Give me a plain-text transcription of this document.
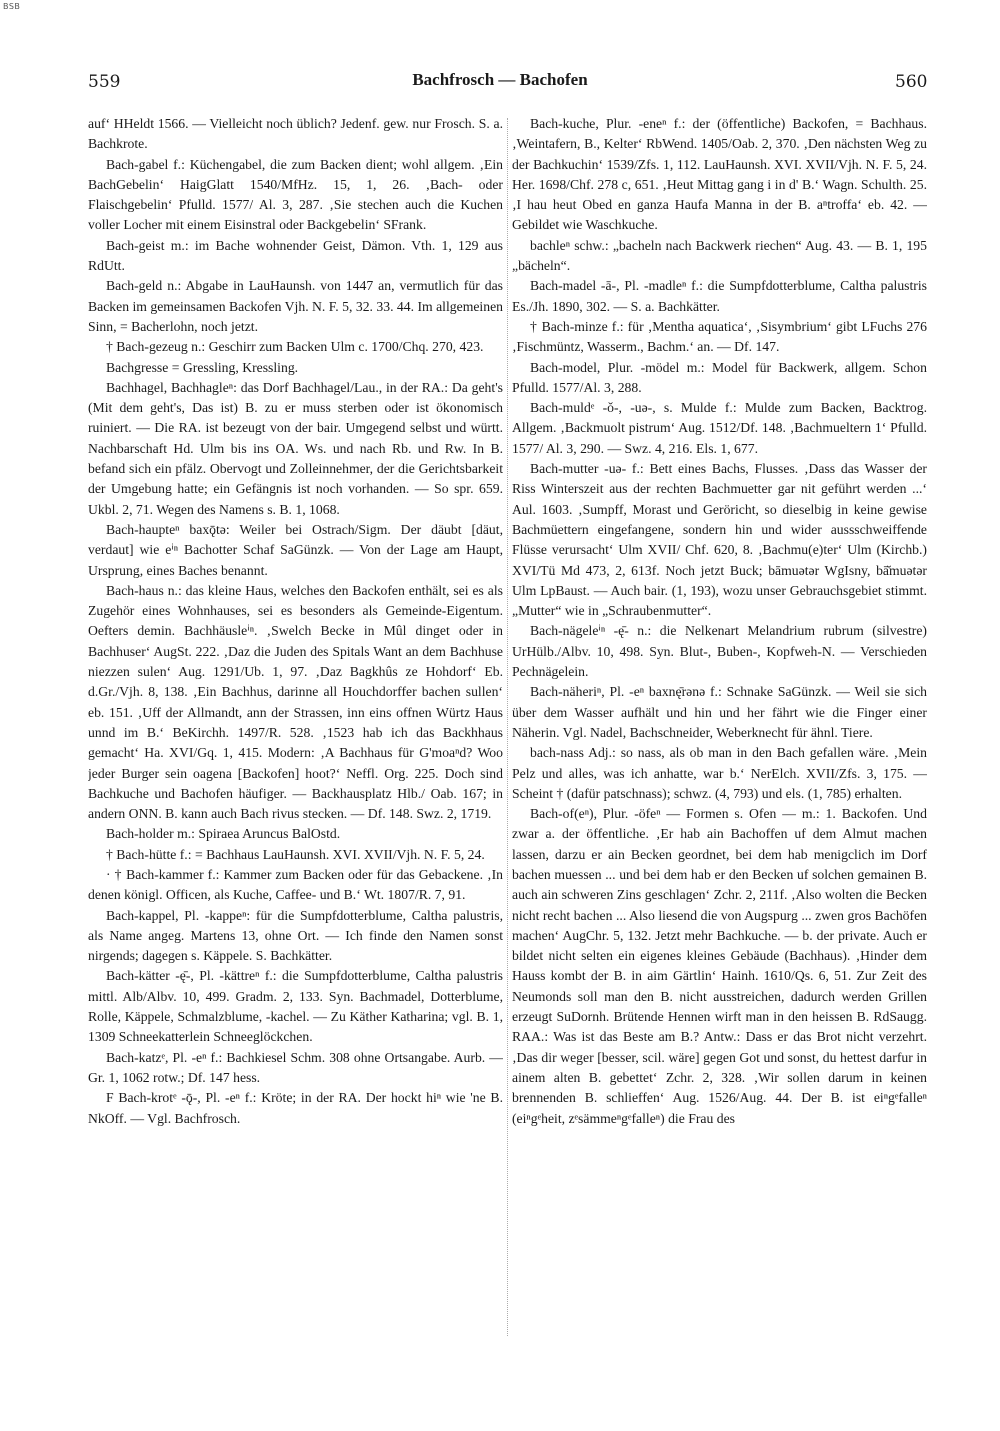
BSB
559	Bachfrosch — Bachofen	560

auf‘ HHeldt 1566. — Vielleicht noch üblich? Jedenf. gew. nur Frosch. S. a. Bachkrote.

Bach-gabel f.: Küchengabel, die zum Backen dient; wohl allgem. ‚Ein BachGebelin‘ HaigGlatt 1540/MfHz. 15, 1, 26. ‚Bach- oder Flaischgebelin‘ Pfulld. 1577/ Al. 3, 287. ‚Sie stechen auch die Kuchen voller Locher mit einem Eisinstral oder Backgebelin‘ SFrank.

Bach-geist m.: im Bache wohnender Geist, Dämon. Vth. 1, 129 aus RdUtt.

Bach-geld n.: Abgabe in LauHaunsh. von 1447 an, vermutlich für das Backen im gemeinsamen Backofen Vjh. N. F. 5, 32. 33. 44. Im allgemeinen Sinn, = Bacherlohn, noch jetzt.

† Bach-gezeug n.: Geschirr zum Backen Ulm c. 1700/Chq. 270, 423.

Bachgresse = Gressling, Kressling.

Bachhagel, Bachhagleⁿ: das Dorf Bachhagel/Lau., in der RA.: Da geht's (Mit dem geht's, Das ist) B. zu er muss sterben oder ist ökonomisch ruiniert. — Die RA. ist bezeugt von der bair. Umgegend selbst und württ. Nachbarschaft Hd. Ulm bis ins OA. Ws. und nach Rb. und Rw. In B. befand sich ein pfälz. Obervogt und Zolleinnehmer, der die Gerichtsbarkeit der Umgebung hatte; ein Gefängnis ist noch vorhanden. — So spr. 659. Ukbl. 2, 71. Wegen des Namens s. B. 1, 1068.

Bach-haupteⁿ baxǭtə: Weiler bei Ostrach/Sigm. Der däubt [däut, verdaut] wie eⁱⁿ Bachotter Schaf SaGünzk. — Von der Lage am Haupt, Ursprung, eines Baches benannt.

Bach-haus n.: das kleine Haus, welches den Backofen enthält, sei es als Zugehör eines Wohnhauses, sei es besonders als Gemeinde-Eigentum. Oefters demin. Bachhäusleⁱⁿ. ‚Swelch Becke in Mûl dinget oder in Bachhuser‘ AugSt. 222. ‚Daz die Juden des Spitals Want an dem Bachhuse niezzen sulen‘ Aug. 1291/Ub. 1, 97. ‚Daz Bagkhûs ze Hohdorf‘ Eb. d.Gr./Vjh. 8, 138. ‚Ein Bachhus, darinne all Houchdorffer bachen sullen‘ eb. 151. ‚Uff der Allmandt, ann der Strassen, inn eins offnen Würtz Haus unnd im B.‘ BeKirchh. 1497/R. 528. ‚1523 hab ich das Backhhaus gemacht‘ Ha. XVI/Gq. 1, 415. Modern: ‚A Bachhaus für G'moaⁿd? Woo jeder Burger sein oagena [Backofen] hoot?‘ Neffl. Org. 225. Doch sind Bachkuche und Bachofen häufiger. — Backhausplatz Hlb./ Oab. 167; in andern ONN. B. kann auch Bach rivus stecken. — Df. 148. Swz. 2, 1719.

Bach-holder m.: Spiraea Aruncus BalOstd.

† Bach-hütte f.: = Bachhaus LauHaunsh. XVI. XVII/Vjh. N. F. 5, 24.

· † Bach-kammer f.: Kammer zum Backen oder für das Gebackene. ‚In denen königl. Officen, als Kuche, Caffee- und B.‘ Wt. 1807/R. 7, 91.

Bach-kappel, Pl. -kappeⁿ: für die Sumpfdotterblume, Caltha palustris, als Name angeg. Martens 13, ohne Ort. — Ich finde den Namen sonst nirgends; dagegen s. Käppele. S. Bachkätter.

Bach-kätter -ę̄-, Pl. -kättreⁿ f.: die Sumpfdotterblume, Caltha palustris mittl. Alb/Albv. 10, 499. Gradm. 2, 133. Syn. Bachmadel, Dotterblume, Rolle, Käppele, Schmalzblume, -kachel. — Zu Käther Katharina; vgl. B. 1, 1309 Schneekatterlein Schneeglöckchen.

Bach-katzᵉ, Pl. -eⁿ f.: Bachkiesel Schm. 308 ohne Ortsangabe. Aurb. — Gr. 1, 1062 rotw.; Df. 147 hess.

F Bach-krotᵉ -ǭ-, Pl. -eⁿ f.: Kröte; in der RA. Der hockt hiⁿ wie 'ne B. NkOff. — Vgl. Bachfrosch.

Bach-kuche, Plur. -eneⁿ f.: der (öffentliche) Backofen, = Bachhaus. ‚Weintafern, B., Kelter‘ RbWend. 1405/Oab. 2, 370. ‚Den nächsten Weg zu der Bachkuchin‘ 1539/Zfs. 1, 112. LauHaunsh. XVI. XVII/Vjh. N. F. 5, 24. Her. 1698/Chf. 278 c, 651. ‚Heut Mittag gang i in d' B.‘ Wagn. Schulth. 25. ‚I hau heut Obed en ganza Haufa Manna in der B. aⁿtroffa‘ eb. 42. — Gebildet wie Waschkuche.

bachleⁿ schw.: „bacheln nach Backwerk riechen“ Aug. 43. — B. 1, 195 „bächeln“.

Bach-madel -ā-, Pl. -madleⁿ f.: die Sumpfdotterblume, Caltha palustris Es./Jh. 1890, 302. — S. a. Bachkätter.

† Bach-minze f.: für ‚Mentha aquatica‘, ‚Sisymbrium‘ gibt LFuchs 276 ‚Fischmüntz, Wasserm., Bachm.‘ an. — Df. 147.

Bach-model, Plur. -mödel m.: Model für Backwerk, allgem. Schon Pfulld. 1577/Al. 3, 288.

Bach-muldᵉ -ǒ-, -uə-, s. Mulde f.: Mulde zum Backen, Backtrog. Allgem. ‚Backmuolt pistrum‘ Aug. 1512/Df. 148. ‚Bachmueltern 1‘ Pfulld. 1577/ Al. 3, 290. — Swz. 4, 216. Els. 1, 677.

Bach-mutter -uə- f.: Bett eines Bachs, Flusses. ‚Dass das Wasser der Riss Winterszeit aus der rechten Bachmuetter gar nit geführt werden ...‘ Aul. 1603. ‚Sumpff, Morast und Geröricht, so dieselbig in keine gewise Bachmüettern eingefangene, sondern hin und wider aussschweiffende Flüsse verursacht‘ Ulm XVII/ Chf. 620, 8. ‚Bachmu(e)ter‘ Ulm (Kirchb.) XVI/Tü Md 473, 2, 613f. Noch jetzt Buck; bāmuətər WgIsny, bā̆muətər Ulm LpBaust. — Auch bair. (1, 193), wozu unser Gebrauchsgebiet stimmt. „Mutter“ wie in „Schraubenmutter“.

Bach-nägeleⁱⁿ -ę̄- n.: die Nelkenart Melandrium rubrum (silvestre) UrHülb./Albv. 10, 498. Syn. Blut-, Buben-, Kopfweh-N. — Verschieden Pechnägelein.

Bach-näheriⁿ, Pl. -eⁿ baxnę̄rənə f.: Schnake SaGünzk. — Weil sie sich über dem Wasser aufhält und hin und her fährt wie die Finger einer Näherin. Vgl. Nadel, Bachschneider, Weberknecht für ähnl. Tiere.

bach-nass Adj.: so nass, als ob man in den Bach gefallen wäre. ‚Mein Pelz und alles, was ich anhatte, war b.‘ NerElch. XVII/Zfs. 3, 175. — Scheint † (dafür patschnass); schwz. (4, 793) und els. (1, 785) erhalten.

Bach-of(eⁿ), Plur. -öfeⁿ — Formen s. Ofen — m.: 1. Backofen. Und zwar a. der öffentliche. ‚Er hab ain Bachoffen uf dem Almut machen lassen, darzu er ain Becken geordnet, bei dem hab menigclich im Dorf bachen muessen ... und bei dem hab er den Becken uf solchen gemainen B. auch ain schweren Zins geschlagen‘ Zchr. 2, 211f. ‚Also wolten die Becken nicht recht bachen ... Also liesend die von Augspurg ... zwen gros Bachöfen machen‘ AugChr. 5, 132. Jetzt mehr Bachkuche. — b. der private. Auch er bildet nicht selten ein eigenes kleines Gebäude (Bachhaus). ‚Hinder dem Hauss kombt der B. in aim Gärtlin‘ Hainh. 1610/Qs. 6, 51. Zur Zeit des Neumonds soll man den B. nicht ausstreichen, dadurch werden Grillen erzeugt SuDornh. Brütende Hennen wirft man in den heissen B. RdSaugg. RAA.: Was ist das Beste am B.? Antw.: Dass er das Brot nicht verzehrt. ‚Das dir weger [besser, scil. wäre] gegen Got und sonst, du hettest darfur in ainem alten B. gebettet‘ Zchr. 2, 328. ‚Wir sollen darum in keinen brennenden B. schlieffen‘ Aug. 1526/Aug. 44. Der B. ist eiⁿgᵉfalleⁿ (eiⁿgᵉheit, zᵉsämmeⁿgᵉfalleⁿ) die Frau des
